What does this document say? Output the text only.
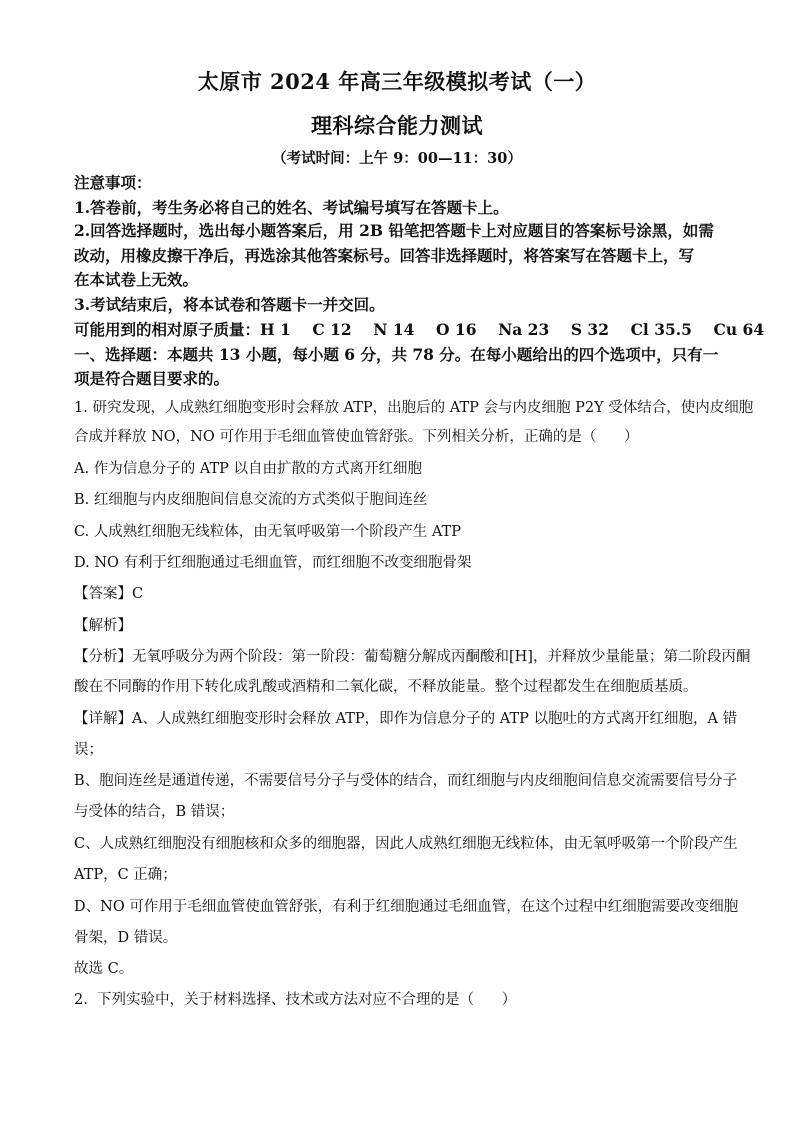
太原市 2024 年高三年级模拟考试（一）
理科综合能力测试
（考试时间：上午 9：00—11：30）
注意事项：
1.答卷前，考生务必将自己的姓名、考试编号填写在答题卡上。
2.回答选择题时，选出每小题答案后，用 2B 铅笔把答题卡上对应题目的答案标号涂黑，如需
改动，用橡皮擦干净后，再选涂其他答案标号。回答非选择题时，将答案写在答题卡上，写
在本试卷上无效。
3.考试结束后，将本试卷和答题卡一并交回。
可能用到的相对原子质量：H 1    C 12    N 14    O 16    Na 23    S 32    Cl 35.5    Cu 64
一、选择题：本题共 13 小题，每小题 6 分，共 78 分。在每小题给出的四个选项中，只有一
项是符合题目要求的。
1. 研究发现，人成熟红细胞变形时会释放 ATP，出胞后的 ATP 会与内皮细胞 P2Y 受体结合，使内皮细胞
合成并释放 NO，NO 可作用于毛细血管使血管舒张。下列相关分析，正确的是（      ）
A. 作为信息分子的 ATP 以自由扩散的方式离开红细胞
B. 红细胞与内皮细胞间信息交流的方式类似于胞间连丝
C. 人成熟红细胞无线粒体，由无氧呼吸第一个阶段产生 ATP
D. NO 有利于红细胞通过毛细血管，而红细胞不改变细胞骨架
【答案】C
【解析】
【分析】无氧呼吸分为两个阶段：第一阶段：葡萄糖分解成丙酮酸和[H]，并释放少量能量；第二阶段丙酮
酸在不同酶的作用下转化成乳酸或酒精和二氧化碳，不释放能量。整个过程都发生在细胞质基质。
【详解】A、人成熟红细胞变形时会释放 ATP，即作为信息分子的 ATP 以胞吐的方式离开红细胞，A 错
误；
B、胞间连丝是通道传递，不需要信号分子与受体的结合，而红细胞与内皮细胞间信息交流需要信号分子
与受体的结合，B 错误；
C、人成熟红细胞没有细胞核和众多的细胞器，因此人成熟红细胞无线粒体，由无氧呼吸第一个阶段产生
ATP，C 正确；
D、NO 可作用于毛细血管使血管舒张，有利于红细胞通过毛细血管，在这个过程中红细胞需要改变细胞
骨架，D 错误。
故选 C。
2.  下列实验中，关于材料选择、技术或方法对应不合理的是（      ）
